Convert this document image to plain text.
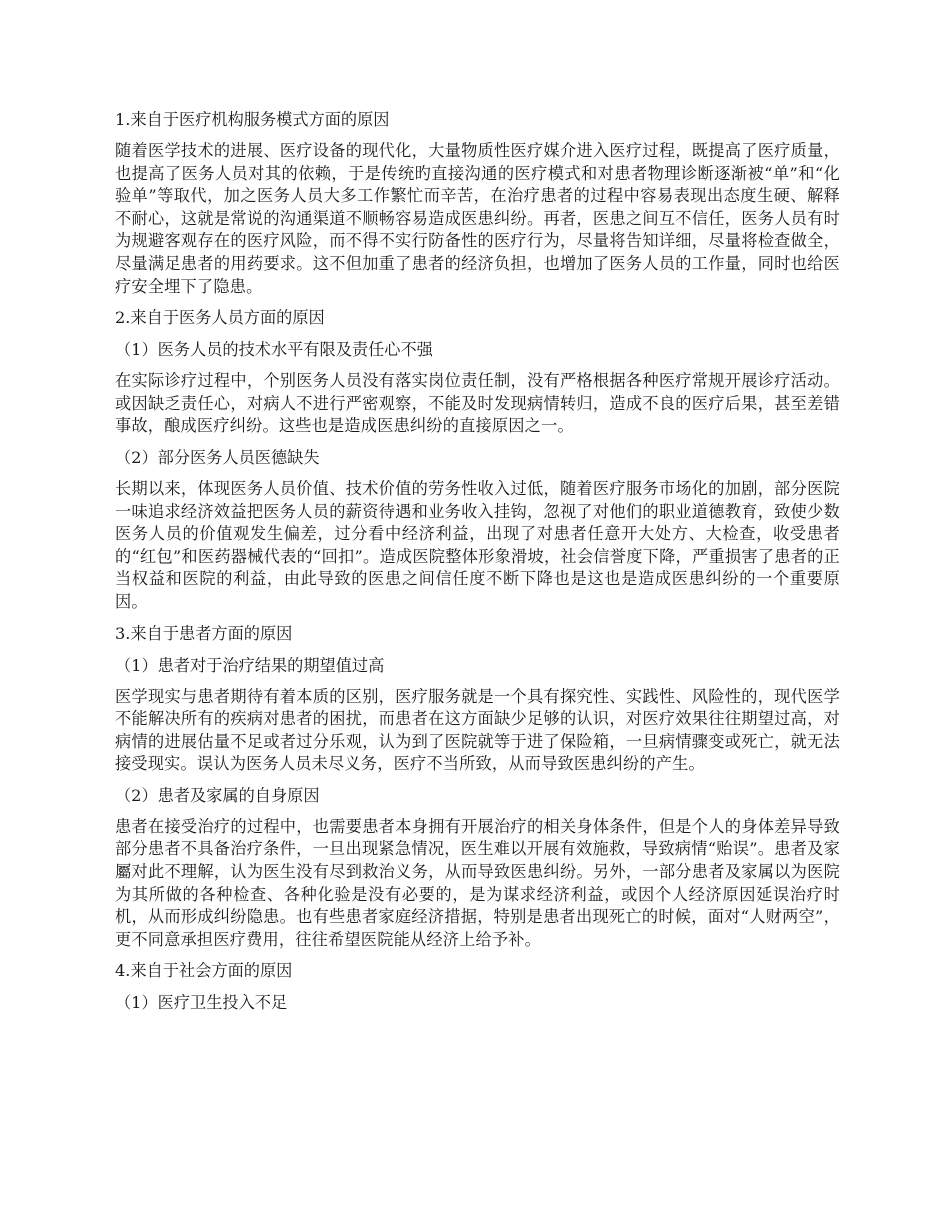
1.来自于医疗机构服务模式方面的原因
随着医学技术的进展、医疗设备的现代化，大量物质性医疗媒介进入医疗过程，既提高了医疗质量，也提高了医务人员对其的依赖，于是传统旳直接沟通的医疗模式和对患者物理诊断逐渐被“单”和“化验单”等取代，加之医务人员大多工作繁忙而辛苦，在治疗患者的过程中容易表现出态度生硬、解释不耐心，这就是常说的沟通渠道不顺畅容易造成医患纠纷。再者，医患之间互不信任，医务人员有时为规避客观存在的医疗风险，而不得不实行防备性的医疗行为，尽量将告知详细，尽量将检查做全，尽量满足患者的用药要求。这不但加重了患者的经济负担，也增加了医务人员的工作量，同时也给医疗安全埋下了隐患。
2.来自于医务人员方面的原因
（1）医务人员的技术水平有限及责任心不强
在实际诊疗过程中，个别医务人员没有落实岗位责任制，没有严格根据各种医疗常规开展诊疗活动。或因缺乏责任心，对病人不进行严密观察，不能及时发现病情转归，造成不良的医疗后果，甚至差错事故，酿成医疗纠纷。这些也是造成医患纠纷的直接原因之一。
（2）部分医务人员医德缺失
长期以来，体现医务人员价值、技术价值的劳务性收入过低，随着医疗服务市场化的加剧，部分医院一味追求经济效益把医务人员的薪资待遇和业务收入挂钩，忽视了对他们的职业道德教育，致使少数医务人员的价值观发生偏差，过分看中经济利益，出现了对患者任意开大处方、大检查，收受患者的“红包”和医药器械代表的“回扣”。造成医院整体形象滑坡，社会信誉度下降，严重损害了患者的正当权益和医院的利益，由此导致的医患之间信任度不断下降也是这也是造成医患纠纷的一个重要原因。
3.来自于患者方面的原因
（1）患者对于治疗结果的期望值过高
医学现实与患者期待有着本质的区别，医疗服务就是一个具有探究性、实践性、风险性的，现代医学不能解决所有的疾病对患者的困扰，而患者在这方面缺少足够的认识，对医疗效果往往期望过高，对病情的进展估量不足或者过分乐观，认为到了医院就等于进了保险箱，一旦病情骤变或死亡，就无法接受现实。误认为医务人员未尽义务，医疗不当所致，从而导致医患纠纷的产生。
（2）患者及家属的自身原因
患者在接受治疗的过程中，也需要患者本身拥有开展治疗的相关身体条件，但是个人的身体差异导致部分患者不具备治疗条件，一旦出现紧急情况，医生难以开展有效施救，导致病情“贻误”。患者及家屬对此不理解，认为医生没有尽到救治义务，从而导致医患纠纷。另外，一部分患者及家属以为医院为其所做的各种检查、各种化验是没有必要的，是为谋求经济利益，或因个人经济原因延误治疗时机，从而形成纠纷隐患。也有些患者家庭经济措据，特别是患者出现死亡的时候，面对“人财两空”，更不同意承担医疗费用，往往希望医院能从经济上给予补。
4.来自于社会方面的原因
（1）医疗卫生投入不足
